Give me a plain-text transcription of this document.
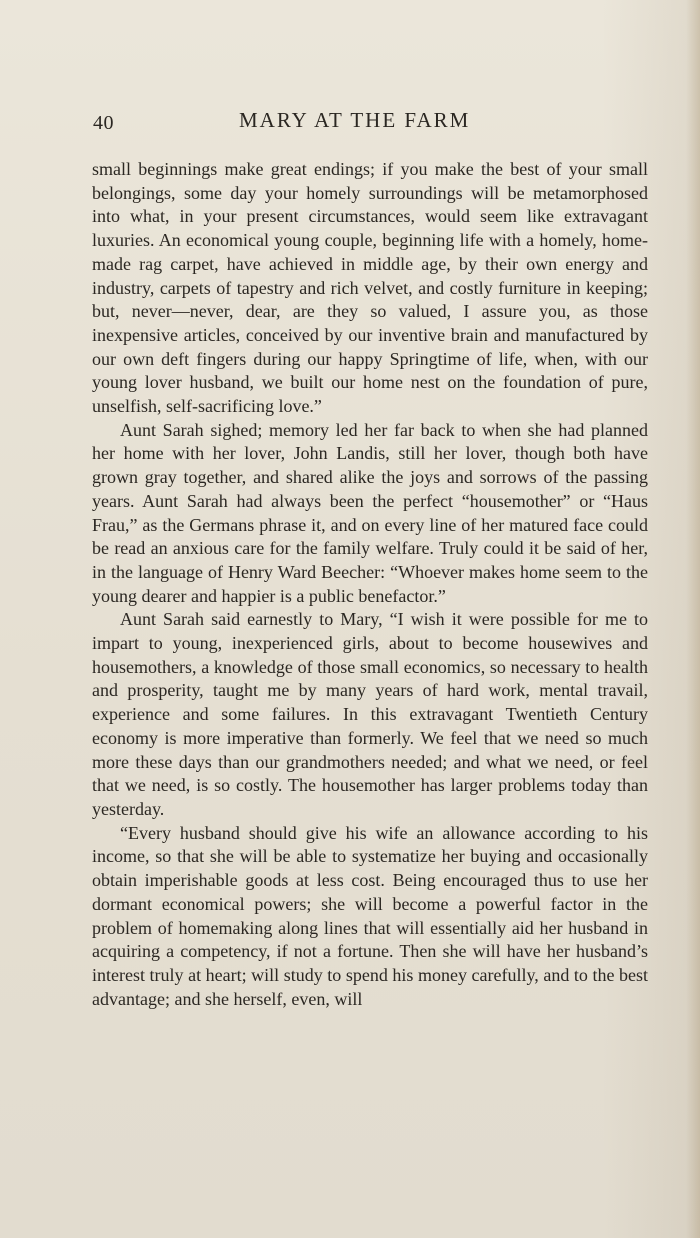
40	MARY AT THE FARM

small beginnings make great endings; if you make the best of your small belongings, some day your homely surroundings will be metamorphosed into what, in your present circumstances, would seem like extravagant luxuries. An economical young couple, beginning life with a homely, home-made rag carpet, have achieved in middle age, by their own energy and industry, carpets of tapestry and rich velvet, and costly furniture in keeping; but, never—never, dear, are they so valued, I assure you, as those inexpensive articles, conceived by our inventive brain and manufactured by our own deft fingers during our happy Springtime of life, when, with our young lover husband, we built our home nest on the foundation of pure, unselfish, self-sacrificing love.”

Aunt Sarah sighed; memory led her far back to when she had planned her home with her lover, John Landis, still her lover, though both have grown gray together, and shared alike the joys and sorrows of the passing years. Aunt Sarah had always been the perfect “housemother” or “Haus Frau,” as the Germans phrase it, and on every line of her matured face could be read an anxious care for the family welfare. Truly could it be said of her, in the language of Henry Ward Beecher: “Whoever makes home seem to the young dearer and happier is a public benefactor.”

Aunt Sarah said earnestly to Mary, “I wish it were possible for me to impart to young, inexperienced girls, about to become housewives and housemothers, a knowledge of those small economics, so necessary to health and prosperity, taught me by many years of hard work, mental travail, experience and some failures. In this extravagant Twentieth Century economy is more imperative than formerly. We feel that we need so much more these days than our grandmothers needed; and what we need, or feel that we need, is so costly. The housemother has larger problems today than yesterday.

“Every husband should give his wife an allowance according to his income, so that she will be able to systematize her buying and occasionally obtain imperishable goods at less cost. Being encouraged thus to use her dormant economical powers; she will become a powerful factor in the problem of homemaking along lines that will essentially aid her husband in acquiring a competency, if not a fortune. Then she will have her husband’s interest truly at heart; will study to spend his money carefully, and to the best advantage; and she herself, even, will
